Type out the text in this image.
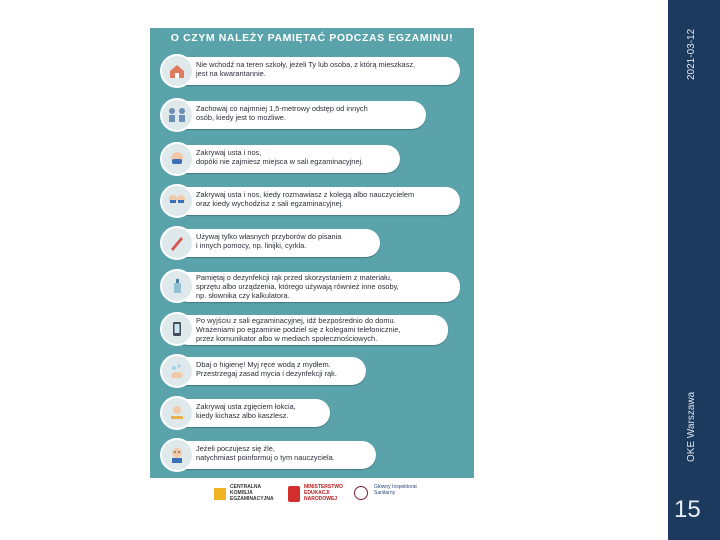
O CZYM NALEŻY PAMIĘTAĆ PODCZAS EGZAMINU!
Nie wchodź na teren szkoły, jeżeli Ty lub osoba, z którą mieszkasz,
jest na kwarantannie.
Zachowaj co najmniej 1,5-metrowy odstęp od innych
osób, kiedy jest to możliwe.
Zakrywaj usta i nos,
dopóki nie zajmiesz miejsca w sali egzaminacyjnej.
Zakrywaj usta i nos, kiedy rozmawiasz z kolegą albo nauczycielem
oraz kiedy wychodzisz z sali egzaminacyjnej.
Używaj tylko własnych przyborów do pisania
i innych pomocy, np. linijki, cyrkla.
Pamiętaj o dezynfekcji rąk przed skorzystaniem z materiału,
sprzętu albo urządzenia, którego używają również inne osoby,
np. słownika czy kalkulatora.
Po wyjściu z sali egzaminacyjnej, idź bezpośrednio do domu.
Wrażeniami po egzaminie podziel się z kolegami telefonicznie,
przez komunikator albo w mediach społecznościowych.
Dbaj o higienę! Myj ręce wodą z mydłem.
Przestrzegaj zasad mycia i dezynfekcji rąk.
Zakrywaj usta zgięciem łokcia,
kiedy kichasz albo kaszlesz.
Jeżeli poczujesz się źle,
natychmiast poinformuj o tym nauczyciela.
CENTRALNA
KOMISJA
EGZAMINACYJNA
MINISTERSTWO
EDUKACJI
NARODOWEJ
Główny Inspektorat
Sanitarny
2021-03-12
OKE Warszawa
15
